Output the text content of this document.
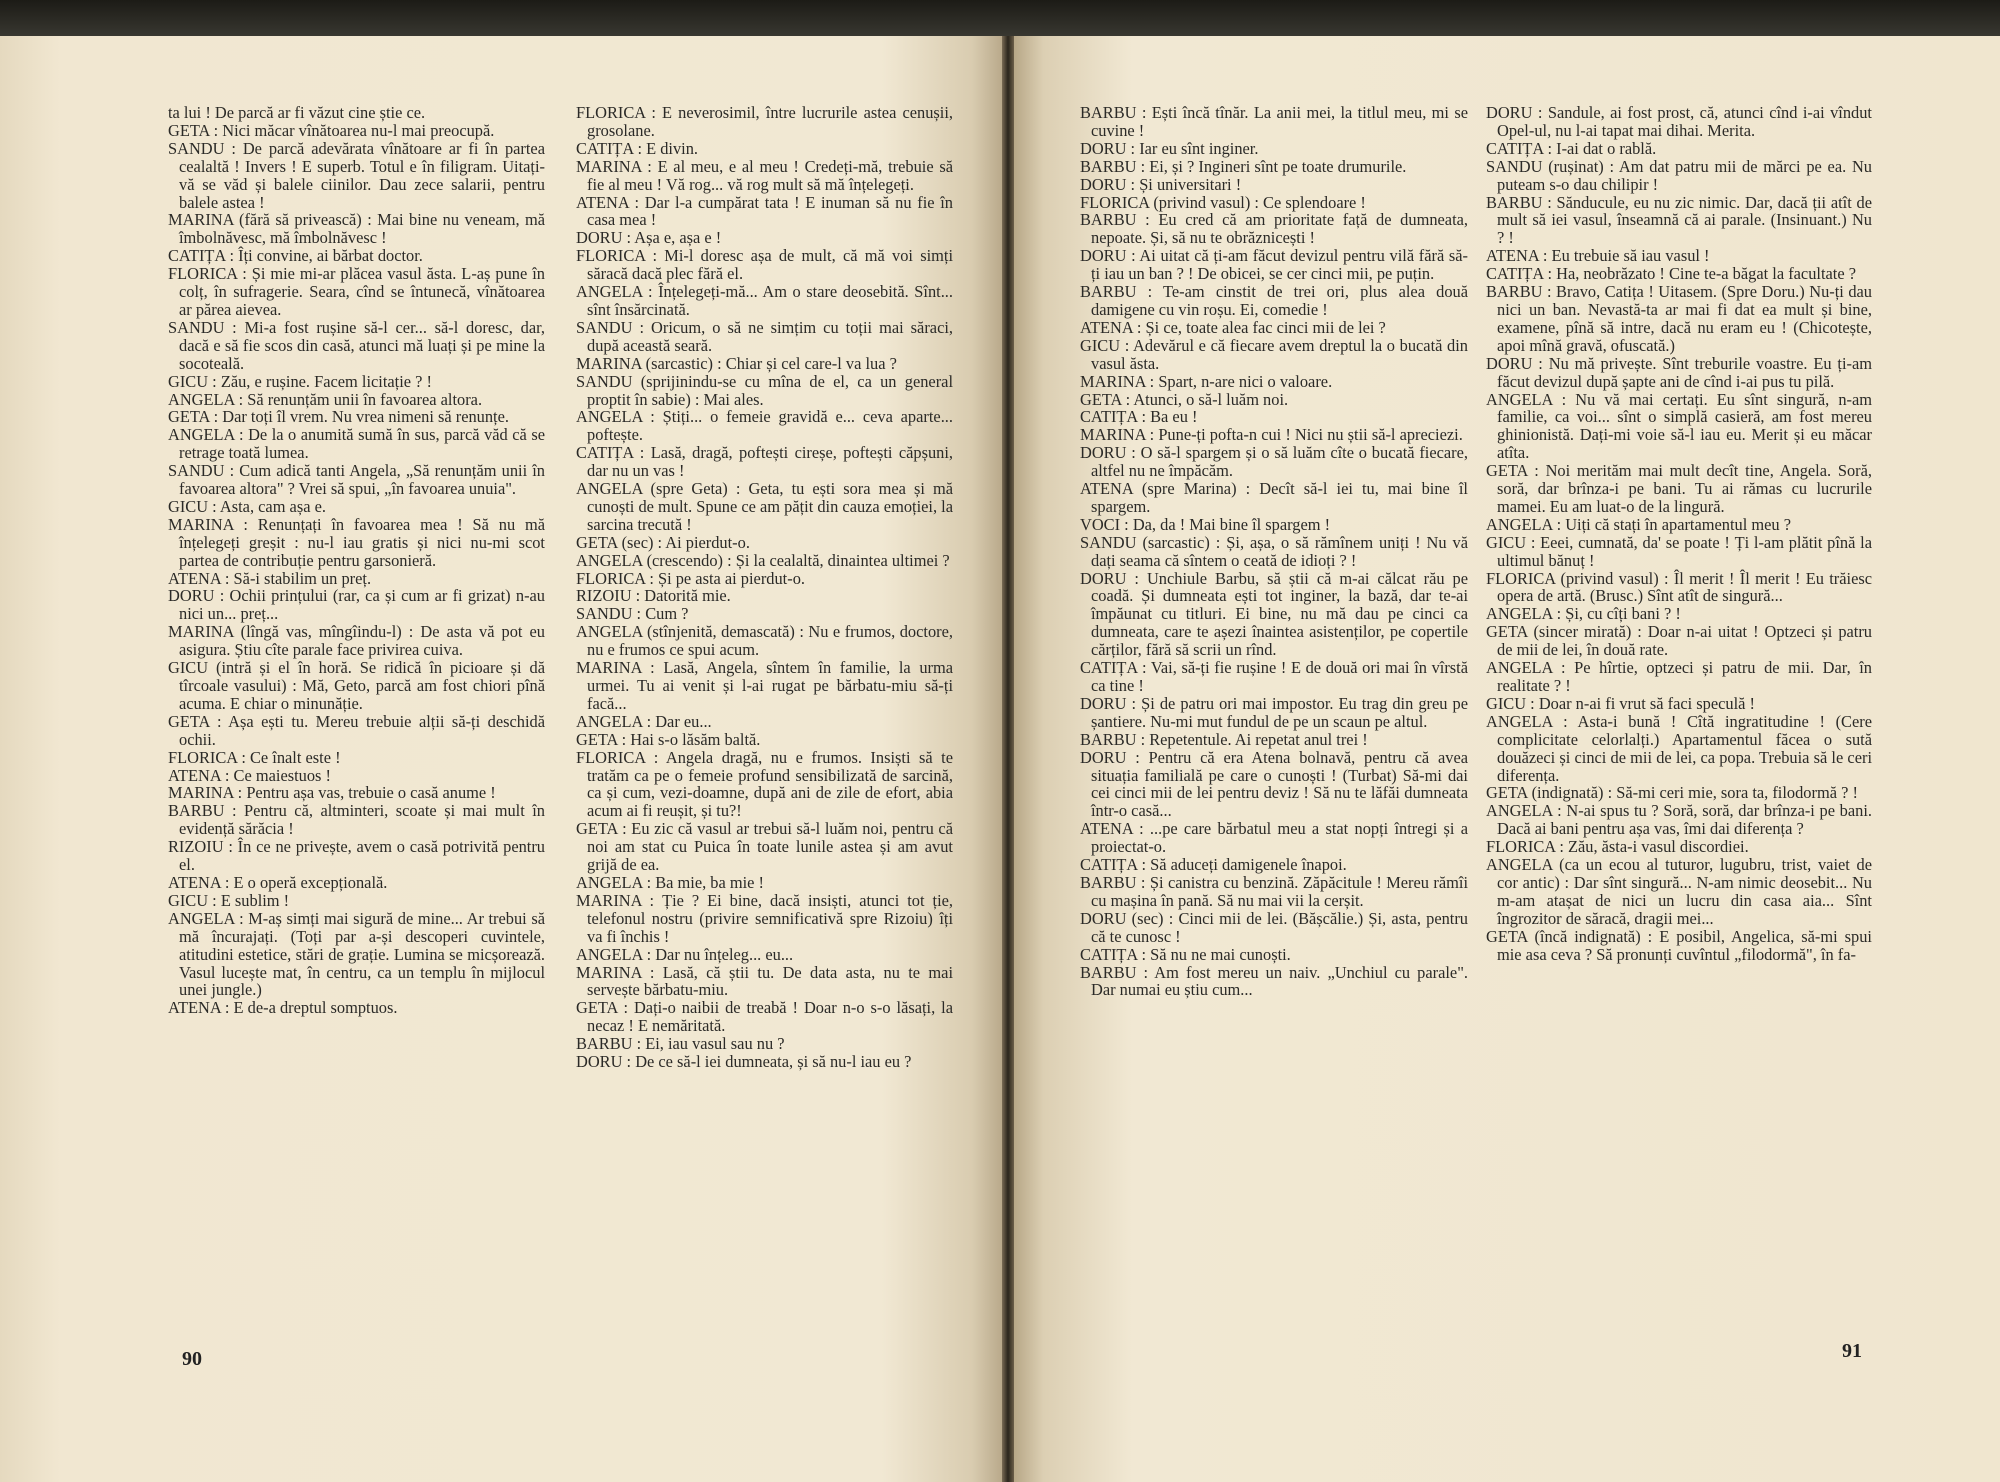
ta lui ! De parcă ar fi văzut cine știe ce.

GETA : Nici măcar vînătoarea nu-l mai preocupă.

SANDU : De parcă adevărata vînătoare ar fi în partea cealaltă ! Invers ! E superb. Totul e în filigram. Uitați-vă se văd și balele ciinilor. Dau zece salarii, pentru balele astea !

MARINA (fără să privească) : Mai bine nu veneam, mă îmbolnăvesc, mă îmbolnăvesc !

CATIȚA : Îți convine, ai bărbat doctor.

FLORICA : Și mie mi-ar plăcea vasul ăsta. L-aș pune în colț, în sufragerie. Seara, cînd se întunecă, vînătoarea ar părea aievea.

SANDU : Mi-a fost rușine să-l cer... să-l doresc, dar, dacă e să fie scos din casă, atunci mă luați și pe mine la socoteală.

GICU : Zău, e rușine. Facem licitație ? !

ANGELA : Să renunțăm unii în favoarea altora.

GETA : Dar toți îl vrem. Nu vrea nimeni să renunțe.

ANGELA : De la o anumită sumă în sus, parcă văd că se retrage toată lumea.

SANDU : Cum adică tanti Angela, „Să renunțăm unii în favoarea altora" ? Vrei să spui, „în favoarea unuia".

GICU : Asta, cam așa e.

MARINA : Renunțați în favoarea mea ! Să nu mă înțelegeți greșit : nu-l iau gratis și nici nu-mi scot partea de contribuție pentru garsonieră.

ATENA : Să-i stabilim un preț.

DORU : Ochii prințului (rar, ca și cum ar fi grizat) n-au nici un... preț...

MARINA (lîngă vas, mîngîindu-l) : De asta vă pot eu asigura. Știu cîte parale face privirea cuiva.

GICU (intră și el în horă. Se ridică în picioare și dă tîrcoale vasului) : Mă, Geto, parcă am fost chiori pînă acuma. E chiar o minunăție.

GETA : Așa ești tu. Mereu trebuie alții să-ți deschidă ochii.

FLORICA : Ce înalt este !

ATENA : Ce maiestuos !

MARINA : Pentru așa vas, trebuie o casă anume !

BARBU : Pentru că, altminteri, scoate și mai mult în evidență sărăcia !

RIZOIU : În ce ne privește, avem o casă potrivită pentru el.

ATENA : E o operă excepțională.

GICU : E sublim !

ANGELA : M-aș simți mai sigură de mine... Ar trebui să mă încurajați. (Toți par a-și descoperi cuvintele, atitudini estetice, stări de grație. Lumina se micșorează. Vasul lucește mat, în centru, ca un templu în mijlocul unei jungle.)

ATENA : E de-a dreptul somptuos.

FLORICA : E neverosimil, între lucrurile astea cenușii, grosolane.

CATIȚA : E divin.

MARINA : E al meu, e al meu ! Credeți-mă, trebuie să fie al meu ! Vă rog... vă rog mult să mă înțelegeți.

ATENA : Dar l-a cumpărat tata ! E inuman să nu fie în casa mea !

DORU : Așa e, așa e !

FLORICA : Mi-l doresc așa de mult, că mă voi simți săracă dacă plec fără el.

ANGELA : Înțelegeți-mă... Am o stare deosebită. Sînt... sînt însărcinată.

SANDU : Oricum, o să ne simțim cu toții mai săraci, după această seară.

MARINA (sarcastic) : Chiar și cel care-l va lua ?

SANDU (sprijinindu-se cu mîna de el, ca un general proptit în sabie) : Mai ales.

ANGELA : Știți... o femeie gravidă e... ceva aparte... poftește.

CATIȚA : Lasă, dragă, poftești cireșe, poftești căpșuni, dar nu un vas !

ANGELA (spre Geta) : Geta, tu ești sora mea și mă cunoști de mult. Spune ce am pățit din cauza emoției, la sarcina trecută !

GETA (sec) : Ai pierdut-o.

ANGELA (crescendo) : Și la cealaltă, dinaintea ultimei ?

FLORICA : Și pe asta ai pierdut-o.

RIZOIU : Datorită mie.

SANDU : Cum ?

ANGELA (stînjenită, demascată) : Nu e frumos, doctore, nu e frumos ce spui acum.

MARINA : Lasă, Angela, sîntem în familie, la urma urmei. Tu ai venit și l-ai rugat pe bărbatu-miu să-ți facă...

ANGELA : Dar eu...

GETA : Hai s-o lăsăm baltă.

FLORICA : Angela dragă, nu e frumos. Insiști să te tratăm ca pe o femeie profund sensibilizată de sarcină, ca și cum, vezi-doamne, după ani de zile de efort, abia acum ai fi reușit, și tu?!

GETA : Eu zic că vasul ar trebui să-l luăm noi, pentru că noi am stat cu Puica în toate lunile astea și am avut grijă de ea.

ANGELA : Ba mie, ba mie !

MARINA : Ție ? Ei bine, dacă insiști, atunci tot ție, telefonul nostru (privire semnificativă spre Rizoiu) îți va fi închis !

ANGELA : Dar nu înțeleg... eu...

MARINA : Lasă, că știi tu. De data asta, nu te mai servește bărbatu-miu.

GETA : Dați-o naibii de treabă ! Doar n-o s-o lăsați, la necaz ! E nemăritată.

BARBU : Ei, iau vasul sau nu ?

DORU : De ce să-l iei dumneata, și să nu-l iau eu ?

90

BARBU : Ești încă tînăr. La anii mei, la titlul meu, mi se cuvine !

DORU : Iar eu sînt inginer.

BARBU : Ei, și ? Ingineri sînt pe toate drumurile.

DORU : Și universitari !

FLORICA (privind vasul) : Ce splendoare !

BARBU : Eu cred că am prioritate față de dumneata, nepoate. Și, să nu te obrăznicești !

DORU : Ai uitat că ți-am făcut devizul pentru vilă fără să-ți iau un ban ? ! De obicei, se cer cinci mii, pe puțin.

BARBU : Te-am cinstit de trei ori, plus alea două damigene cu vin roșu. Ei, comedie !

ATENA : Și ce, toate alea fac cinci mii de lei ?

GICU : Adevărul e că fiecare avem dreptul la o bucată din vasul ăsta.

MARINA : Spart, n-are nici o valoare.

GETA : Atunci, o să-l luăm noi.

CATIȚA : Ba eu !

MARINA : Pune-ți pofta-n cui ! Nici nu știi să-l apreciezi.

DORU : O să-l spargem și o să luăm cîte o bucată fiecare, altfel nu ne împăcăm.

ATENA (spre Marina) : Decît să-l iei tu, mai bine îl spargem.

VOCI : Da, da ! Mai bine îl spargem !

SANDU (sarcastic) : Și, așa, o să rămînem uniți ! Nu vă dați seama că sîntem o ceată de idioți ? !

DORU : Unchiule Barbu, să știi că m-ai călcat rău pe coadă. Și dumneata ești tot inginer, la bază, dar te-ai împăunat cu titluri. Ei bine, nu mă dau pe cinci ca dumneata, care te așezi înaintea asistenților, pe copertile cărților, fără să scrii un rînd.

CATIȚA : Vai, să-ți fie rușine ! E de două ori mai în vîrstă ca tine !

DORU : Și de patru ori mai impostor. Eu trag din greu pe șantiere. Nu-mi mut fundul de pe un scaun pe altul.

BARBU : Repetentule. Ai repetat anul trei !

DORU : Pentru că era Atena bolnavă, pentru că avea situația familială pe care o cunoști ! (Turbat) Să-mi dai cei cinci mii de lei pentru deviz ! Să nu te lăfăi dumneata într-o casă...

ATENA : ...pe care bărbatul meu a stat nopți întregi și a proiectat-o.

CATIȚA : Să aduceți damigenele înapoi.

BARBU : Și canistra cu benzină. Zăpăcitule ! Mereu rămîi cu mașina în pană. Să nu mai vii la cerșit.

DORU (sec) : Cinci mii de lei. (Bășcălie.) Și, asta, pentru că te cunosc !

CATIȚA : Să nu ne mai cunoști.

BARBU : Am fost mereu un naiv. „Unchiul cu parale". Dar numai eu știu cum...

DORU : Sandule, ai fost prost, că, atunci cînd i-ai vîndut Opel-ul, nu l-ai tapat mai dihai. Merita.

CATIȚA : I-ai dat o rablă.

SANDU (rușinat) : Am dat patru mii de mărci pe ea. Nu puteam s-o dau chilipir !

BARBU : Sănducule, eu nu zic nimic. Dar, dacă ții atît de mult să iei vasul, înseamnă că ai parale. (Insinuant.) Nu ? !

ATENA : Eu trebuie să iau vasul !

CATIȚA : Ha, neobrăzato ! Cine te-a băgat la facultate ?

BARBU : Bravo, Catița ! Uitasem. (Spre Doru.) Nu-ți dau nici un ban. Nevastă-ta ar mai fi dat ea mult și bine, examene, pînă să intre, dacă nu eram eu ! (Chicotește, apoi mînă gravă, ofuscată.)

DORU : Nu mă privește. Sînt treburile voastre. Eu ți-am făcut devizul după șapte ani de cînd i-ai pus tu pilă.

ANGELA : Nu vă mai certați. Eu sînt singură, n-am familie, ca voi... sînt o simplă casieră, am fost mereu ghinionistă. Dați-mi voie să-l iau eu. Merit și eu măcar atîta.

GETA : Noi merităm mai mult decît tine, Angela. Soră, soră, dar brînza-i pe bani. Tu ai rămas cu lucrurile mamei. Eu am luat-o de la lingură.

ANGELA : Uiți că stați în apartamentul meu ?

GICU : Eeei, cumnată, da' se poate ! Ți l-am plătit pînă la ultimul bănuț !

FLORICA (privind vasul) : Îl merit ! Îl merit ! Eu trăiesc opera de artă. (Brusc.) Sînt atît de singură...

ANGELA : Și, cu cîți bani ? !

GETA (sincer mirată) : Doar n-ai uitat ! Optzeci și patru de mii de lei, în două rate.

ANGELA : Pe hîrtie, optzeci și patru de mii. Dar, în realitate ? !

GICU : Doar n-ai fi vrut să faci speculă !

ANGELA : Asta-i bună ! Cîtă ingratitudine ! (Cere complicitate celorlalți.) Apartamentul făcea o sută douăzeci și cinci de mii de lei, ca popa. Trebuia să le ceri diferența.

GETA (indignată) : Să-mi ceri mie, sora ta, filodormă ? !

ANGELA : N-ai spus tu ? Soră, soră, dar brînza-i pe bani. Dacă ai bani pentru așa vas, îmi dai diferența ?

FLORICA : Zău, ăsta-i vasul discordiei.

ANGELA (ca un ecou al tuturor, lugubru, trist, vaiet de cor antic) : Dar sînt singură... N-am nimic deosebit... Nu m-am atașat de nici un lucru din casa aia... Sînt îngrozitor de săracă, dragii mei...

GETA (încă indignată) : E posibil, Angelica, să-mi spui mie asa ceva ? Să pronunți cuvîntul „filodormă", în fa-

91
